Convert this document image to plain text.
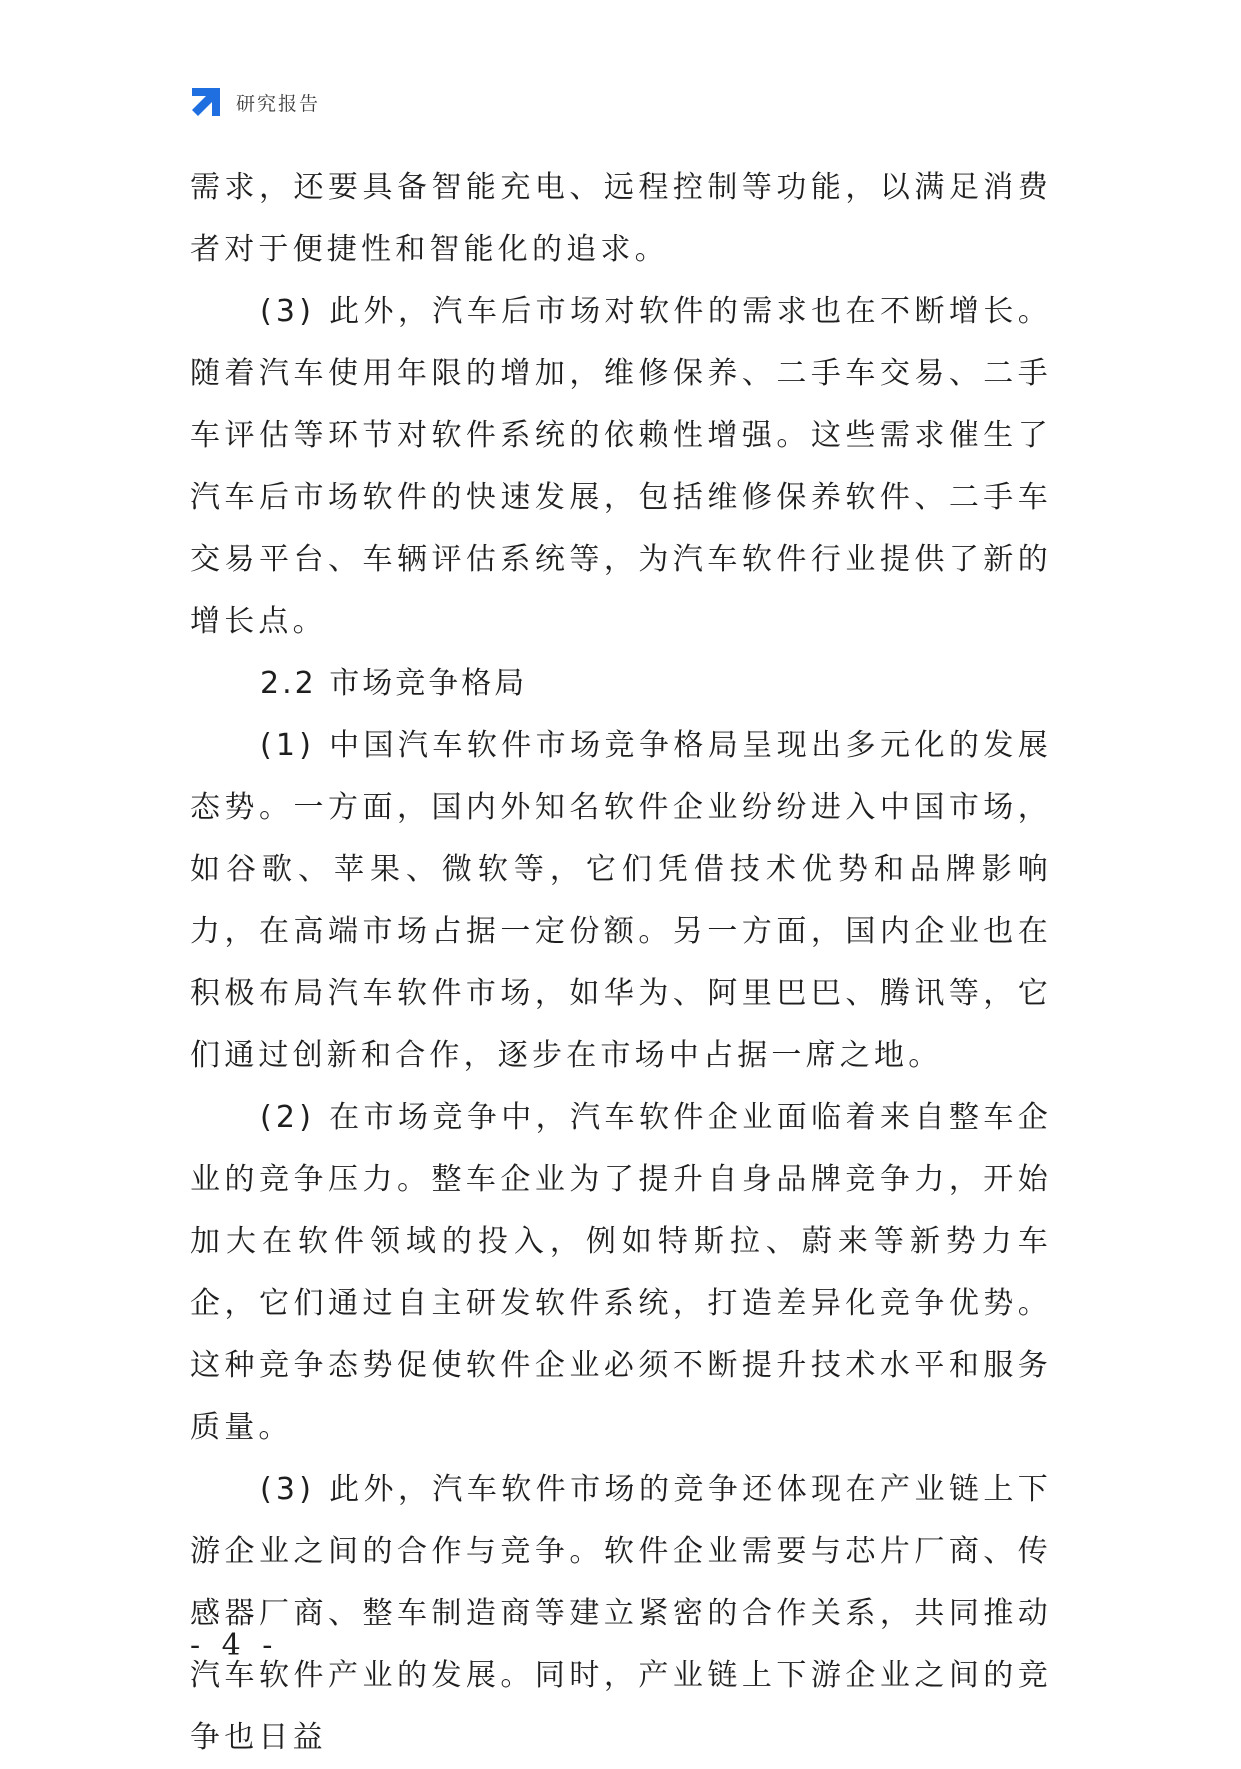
研究报告

需求，还要具备智能充电、远程控制等功能，以满足消费者对于便捷性和智能化的追求。

(3) 此外，汽车后市场对软件的需求也在不断增长。随着汽车使用年限的增加，维修保养、二手车交易、二手车评估等环节对软件系统的依赖性增强。这些需求催生了汽车后市场软件的快速发展，包括维修保养软件、二手车交易平台、车辆评估系统等，为汽车软件行业提供了新的增长点。

2.2 市场竞争格局

(1) 中国汽车软件市场竞争格局呈现出多元化的发展态势。一方面，国内外知名软件企业纷纷进入中国市场，如谷歌、苹果、微软等，它们凭借技术优势和品牌影响力，在高端市场占据一定份额。另一方面，国内企业也在积极布局汽车软件市场，如华为、阿里巴巴、腾讯等，它们通过创新和合作，逐步在市场中占据一席之地。

(2) 在市场竞争中，汽车软件企业面临着来自整车企业的竞争压力。整车企业为了提升自身品牌竞争力，开始加大在软件领域的投入，例如特斯拉、蔚来等新势力车企，它们通过自主研发软件系统，打造差异化竞争优势。这种竞争态势促使软件企业必须不断提升技术水平和服务质量。

(3) 此外，汽车软件市场的竞争还体现在产业链上下游企业之间的合作与竞争。软件企业需要与芯片厂商、传感器厂商、整车制造商等建立紧密的合作关系，共同推动汽车软件产业的发展。同时，产业链上下游企业之间的竞争也日益

- 4 -
